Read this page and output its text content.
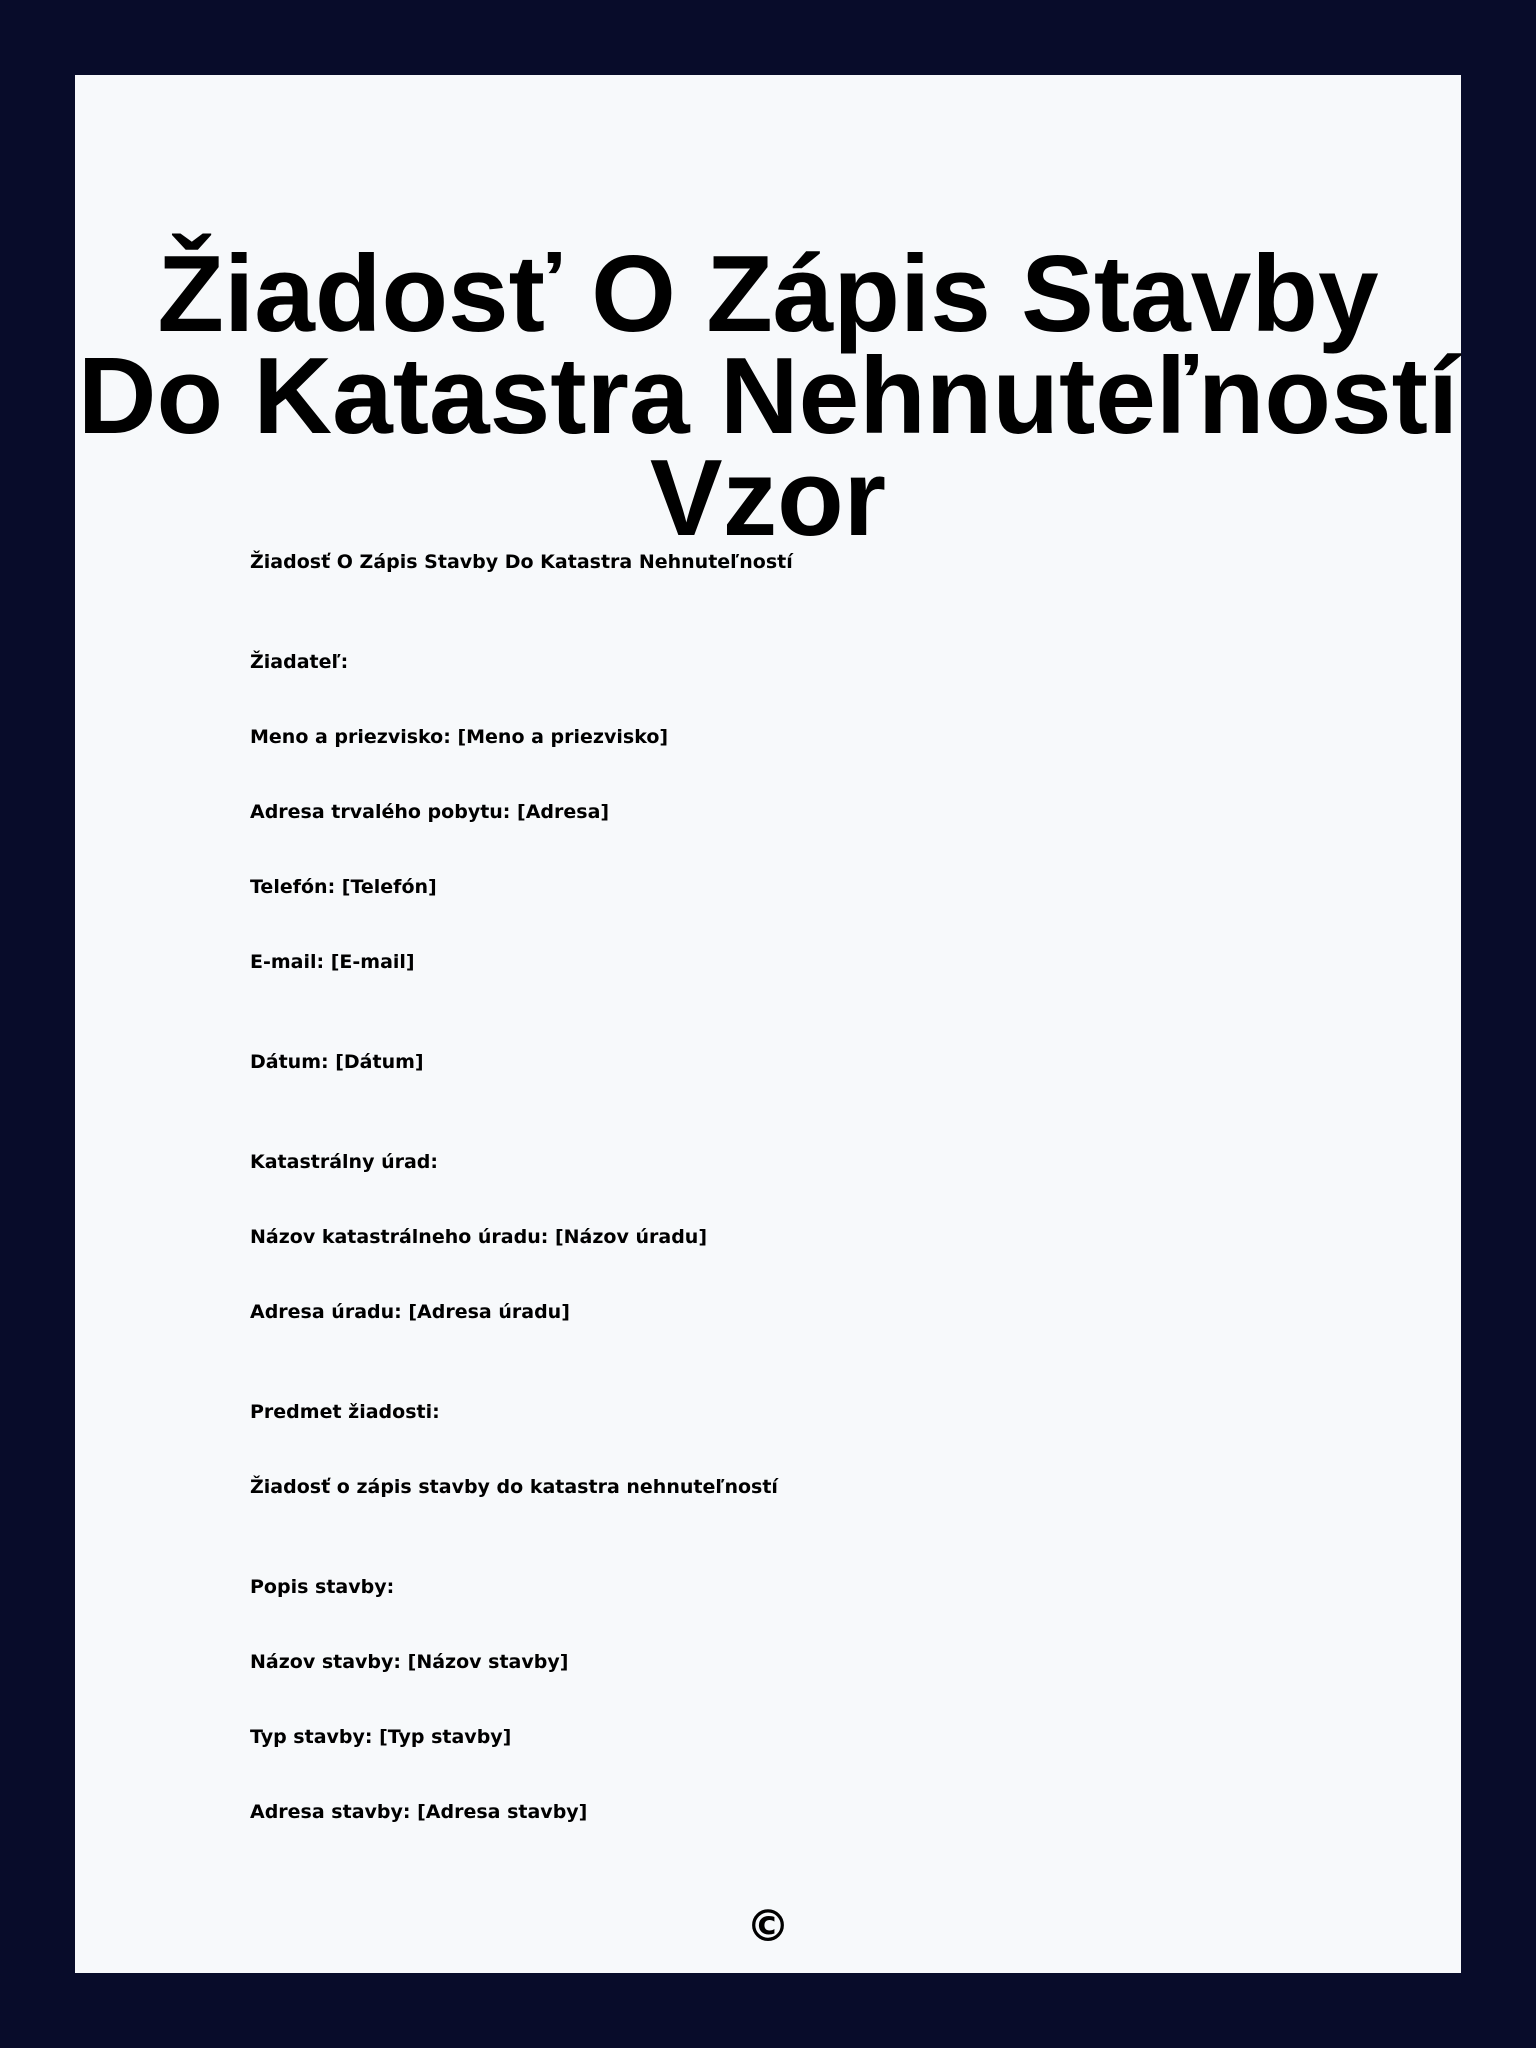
Žiadosť O Zápis Stavby Do Katastra Nehnuteľností Vzor

Žiadosť O Zápis Stavby Do Katastra Nehnuteľností

Žiadateľ:

Meno a priezvisko: [Meno a priezvisko]

Adresa trvalého pobytu: [Adresa]

Telefón: [Telefón]

E-mail: [E-mail]

Dátum: [Dátum]

Katastrálny úrad:

Názov katastrálneho úradu: [Názov úradu]

Adresa úradu: [Adresa úradu]

Predmet žiadosti:

Žiadosť o zápis stavby do katastra nehnuteľností

Popis stavby:

Názov stavby: [Názov stavby]

Typ stavby: [Typ stavby]

Adresa stavby: [Adresa stavby]

©
